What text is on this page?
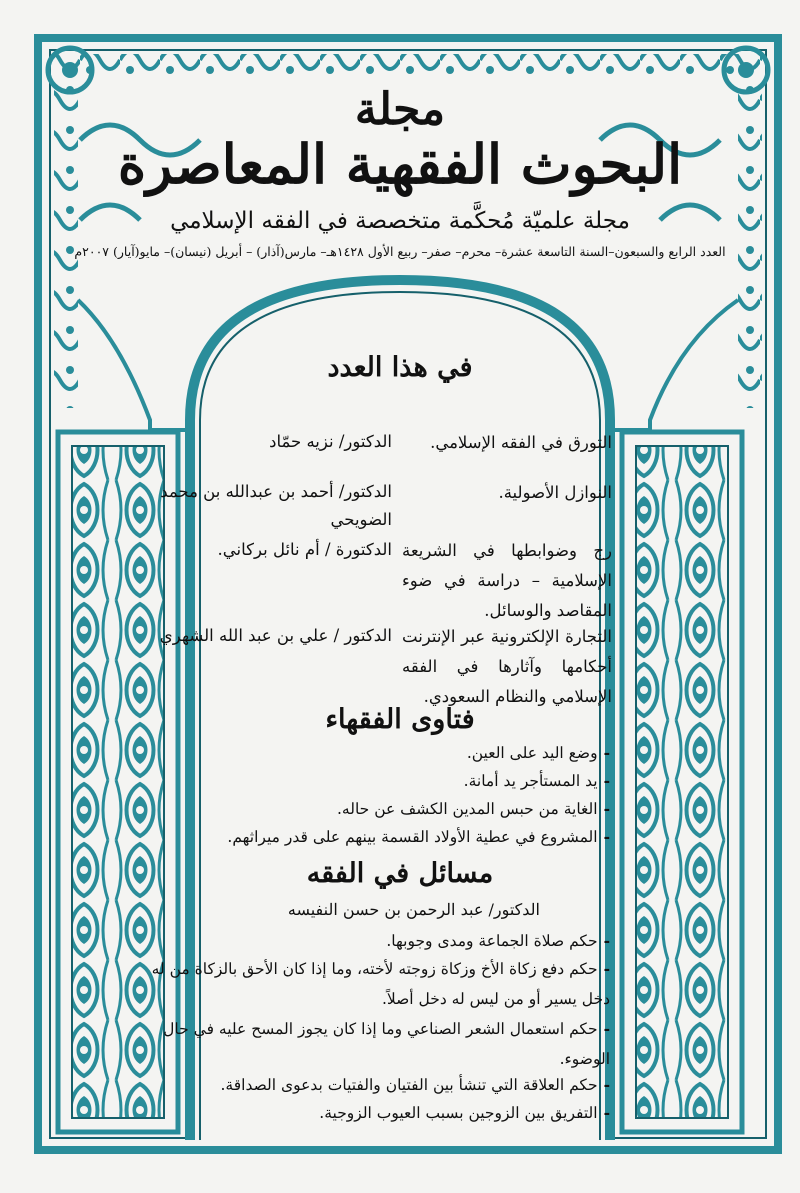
مجلة
البحوث الفقهية المعاصرة
مجلة علميّة مُحكَّمة متخصصة في الفقه الإسلامي
العدد الرابع والسبعون–السنة التاسعة عشرة– محرم– صفر– ربيع الأول ١٤٢٨هـ– مارس(آذار) – أبريل (نيسان)– مايو(آيار) ٢٠٠٧م
في هذا العدد
التورق في الفقه الإسلامي.
الدكتور/ نزيه حمّاد
النوازل الأصولية.
الدكتور/ أحمد بن عبدالله بن محمد الضويحي
رج وضوابطها في الشريعة الإسلامية – دراسة في ضوء المقاصد والوسائل.
الدكتورة / أم نائل بركاني.
التجارة الإلكترونية عبر الإنترنت أحكامها وآثارها في الفقه الإسلامي والنظام السعودي.
الدكتور / علي بن عبد الله الشهري
فتاوى الفقهاء
-وضع اليد على العين.
-يد المستأجر يد أمانة.
-الغاية من حبس المدين الكشف عن حاله.
-المشروع في عطية الأولاد القسمة بينهم على قدر ميراثهم.
مسائل في الفقه
الدكتور/ عبد الرحمن بن حسن النفيسه
-حكم صلاة الجماعة ومدى وجوبها.
-حكم دفع زكاة الأخ وزكاة زوجته لأخته، وما إذا كان الأحق بالزكاة من له دخل يسير أو من ليس له دخل أصلاً.
-حكم استعمال الشعر الصناعي وما إذا كان يجوز المسح عليه في حال الوضوء.
-حكم العلاقة التي تنشأ بين الفتيان والفتيات بدعوى الصداقة.
-التفريق بين الزوجين بسبب العيوب الزوجية.
